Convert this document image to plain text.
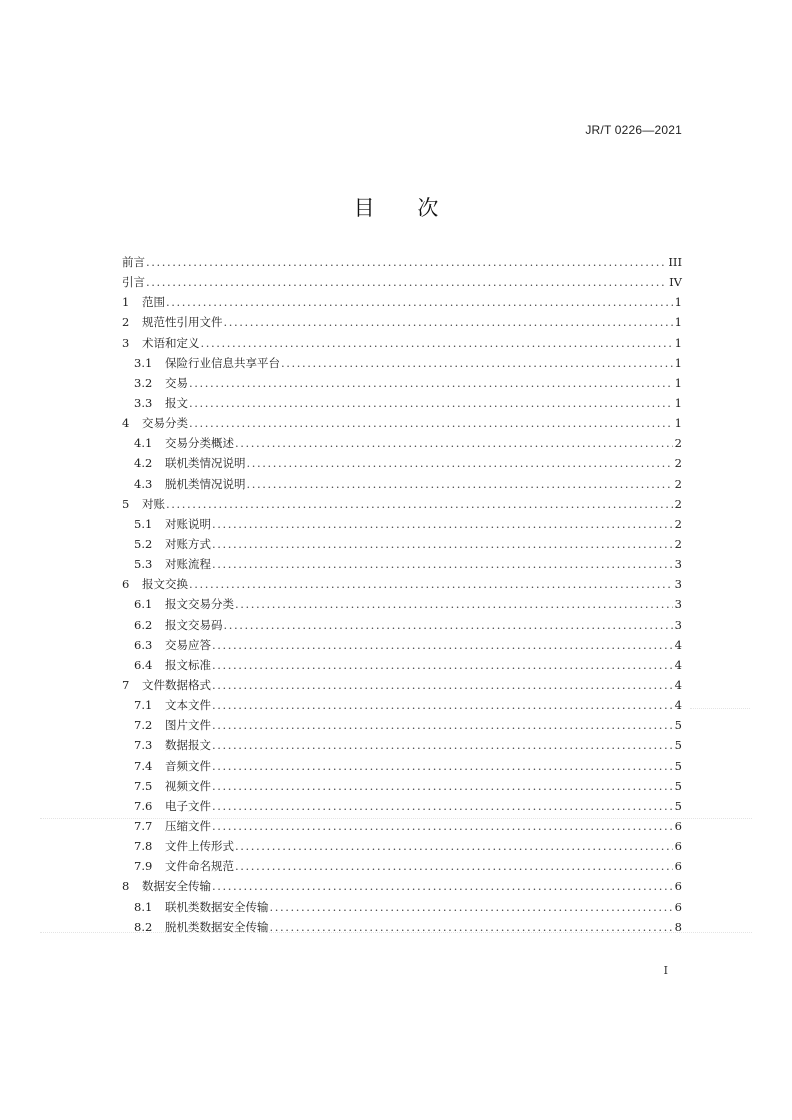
JR/T 0226—2021
目 次
前言 .....	III
引言 .....	IV
1	范围 .....	1
2	规范性引用文件 .....	1
3	术语和定义 .....	1
3.1	保险行业信息共享平台 .....	1
3.2	交易 .....	1
3.3	报文 .....	1
4	交易分类 .....	1
4.1	交易分类概述 .....	2
4.2	联机类情况说明 .....	2
4.3	脱机类情况说明 .....	2
5	对账 .....	2
5.1	对账说明 .....	2
5.2	对账方式 .....	2
5.3	对账流程 .....	3
6	报文交换 .....	3
6.1	报文交易分类 .....	3
6.2	报文交易码 .....	3
6.3	交易应答 .....	4
6.4	报文标准 .....	4
7	文件数据格式 .....	4
7.1	文本文件 .....	4
7.2	图片文件 .....	5
7.3	数据报文 .....	5
7.4	音频文件 .....	5
7.5	视频文件 .....	5
7.6	电子文件 .....	5
7.7	压缩文件 .....	6
7.8	文件上传形式 .....	6
7.9	文件命名规范 .....	6
8	数据安全传输 .....	6
8.1	联机类数据安全传输 .....	6
8.2	脱机类数据安全传输 .....	8
I
